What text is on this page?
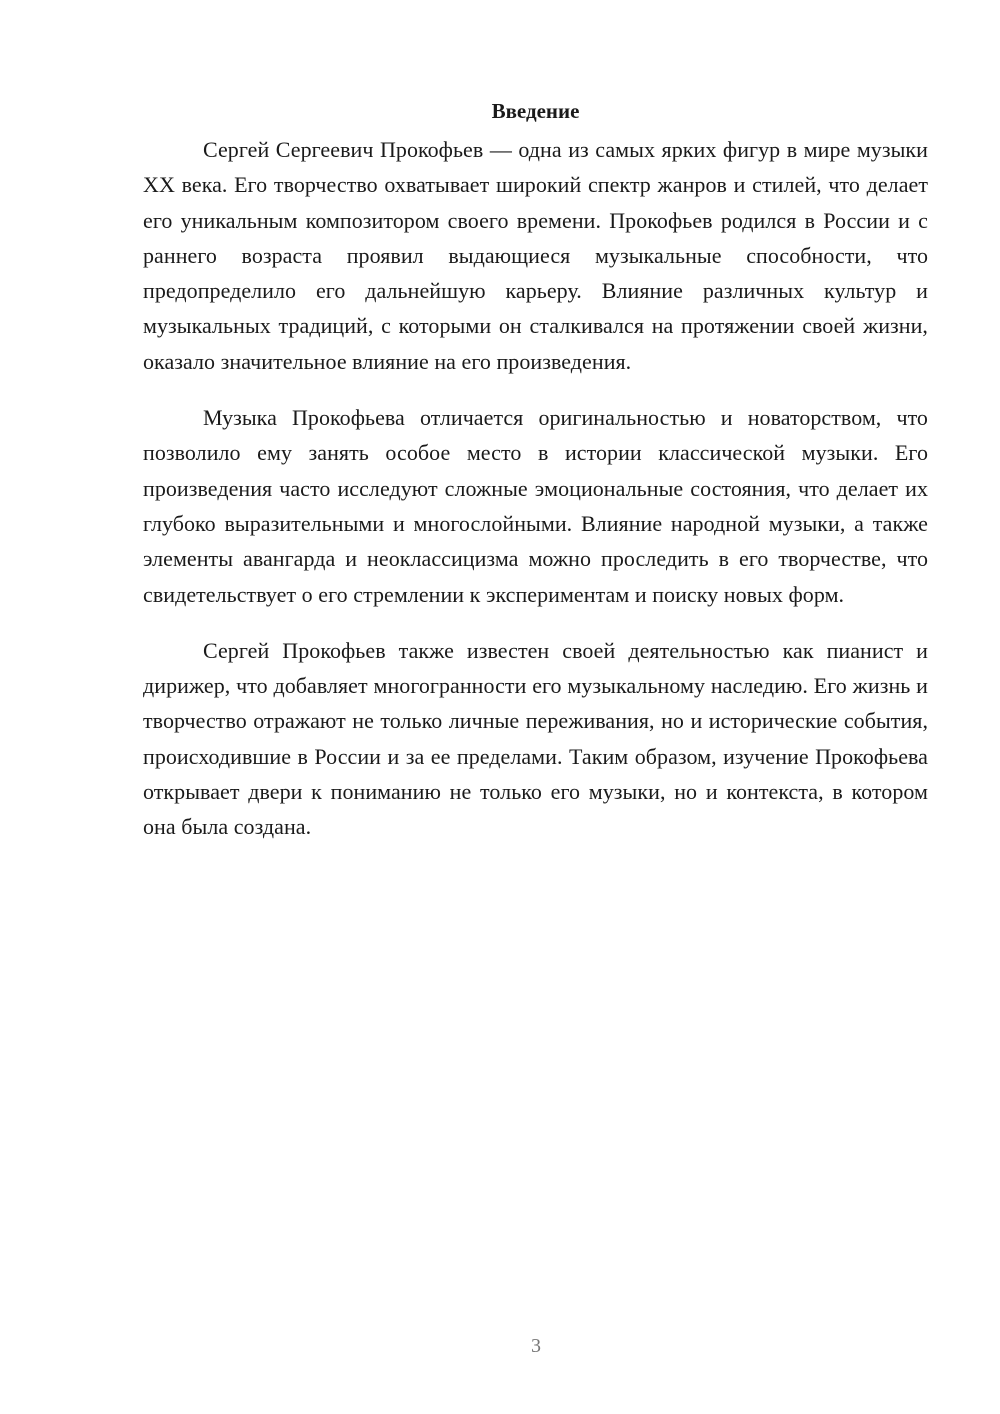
Введение

Сергей Сергеевич Прокофьев — одна из самых ярких фигур в мире музыки XX века. Его творчество охватывает широкий спектр жанров и стилей, что делает его уникальным композитором своего времени. Прокофьев родился в России и с раннего возраста проявил выдающиеся музыкальные способности, что предопределило его дальнейшую карьеру. Влияние различных культур и музыкальных традиций, с которыми он сталкивался на протяжении своей жизни, оказало значительное влияние на его произведения.

Музыка Прокофьева отличается оригинальностью и новаторством, что позволило ему занять особое место в истории классической музыки. Его произведения часто исследуют сложные эмоциональные состояния, что делает их глубоко выразительными и многослойными. Влияние народной музыки, а также элементы авангарда и неоклассицизма можно проследить в его творчестве, что свидетельствует о его стремлении к экспериментам и поиску новых форм.

Сергей Прокофьев также известен своей деятельностью как пианист и дирижер, что добавляет многогранности его музыкальному наследию. Его жизнь и творчество отражают не только личные переживания, но и исторические события, происходившие в России и за ее пределами. Таким образом, изучение Прокофьева открывает двери к пониманию не только его музыки, но и контекста, в котором она была создана.

3
